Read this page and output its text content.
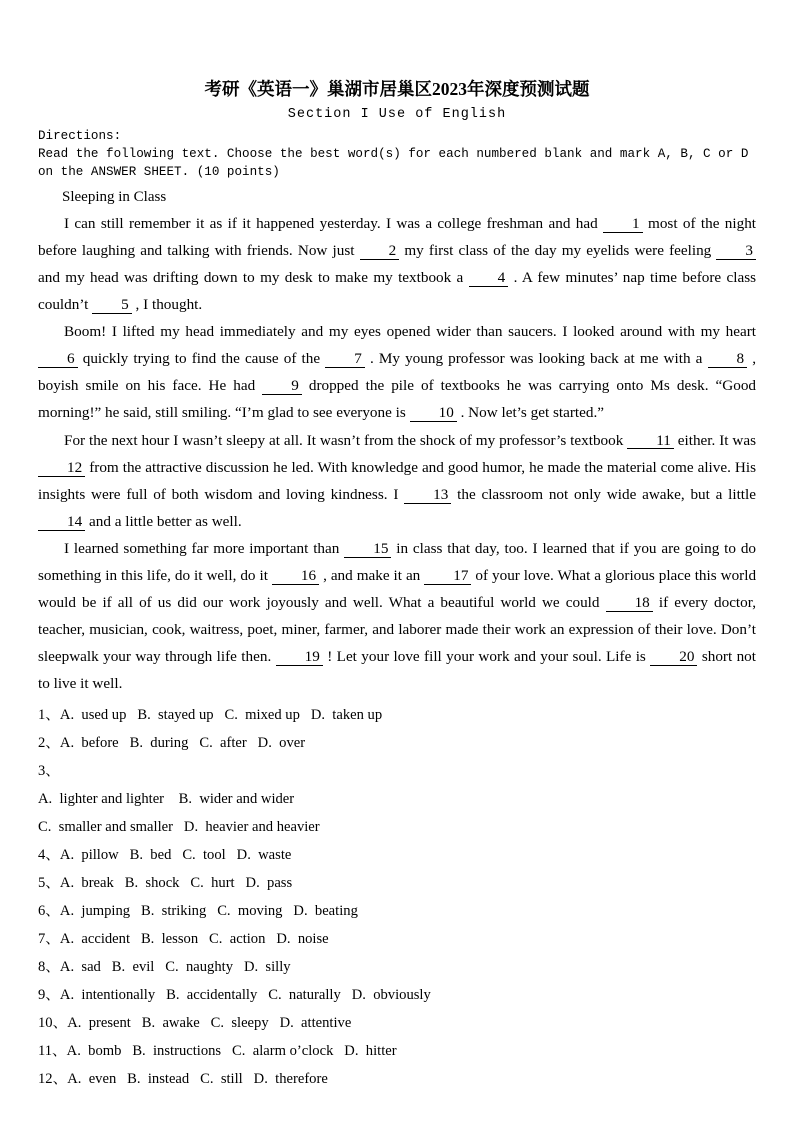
考研《英语一》巢湖市居巢区2023年深度预测试题
Section I Use of English
Directions:
Read the following text. Choose the best word(s) for each numbered blank and mark A, B, C or D on the ANSWER SHEET. (10 points)
Sleeping in Class
I can still remember it as if it happened yesterday. I was a college freshman and had 1 most of the night before laughing and talking with friends. Now just 2 my first class of the day my eyelids were feeling 3 and my head was drifting down to my desk to make my textbook a 4 . A few minutes’ nap time before class couldn’t 5 , I thought.
Boom! I lifted my head immediately and my eyes opened wider than saucers. I looked around with my heart 6 quickly trying to find the cause of the 7 . My young professor was looking back at me with a 8 , boyish smile on his face. He had 9 dropped the pile of textbooks he was carrying onto Ms desk. “Good morning!” he said, still smiling. “I’m glad to see everyone is 10 . Now let’s get started.”
For the next hour I wasn’t sleepy at all. It wasn’t from the shock of my professor’s textbook 11 either. It was 12 from the attractive discussion he led. With knowledge and good humor, he made the material come alive. His insights were full of both wisdom and loving kindness. I 13 the classroom not only wide awake, but a little 14 and a little better as well.
I learned something far more important than 15 in class that day, too. I learned that if you are going to do something in this life, do it well, do it 16 , and make it an 17 of your love. What a glorious place this world would be if all of us did our work joyously and well. What a beautiful world we could 18 if every doctor, teacher, musician, cook, waitress, poet, miner, farmer, and laborer made their work an expression of their love. Don’t sleepwalk your way through life then. 19 ! Let your love fill your work and your soul. Life is 20 short not to live it well.
1、A.  used up   B.  stayed up   C.  mixed up   D.  taken up
2、A.  before   B.  during   C.  after   D.  over
3、
A.  lighter and lighter    B.  wider and wider
C.  smaller and smaller   D.  heavier and heavier
4、A.  pillow   B.  bed   C.  tool   D.  waste
5、A.  break   B.  shock   C.  hurt   D.  pass
6、A.  jumping   B.  striking   C.  moving   D.  beating
7、A.  accident   B.  lesson   C.  action   D.  noise
8、A.  sad   B.  evil   C.  naughty   D.  silly
9、A.  intentionally   B.  accidentally   C.  naturally   D.  obviously
10、A.  present   B.  awake   C.  sleepy   D.  attentive
11、A.  bomb   B.  instructions   C.  alarm o’clock   D.  hitter
12、A.  even   B.  instead   C.  still   D.  therefore
